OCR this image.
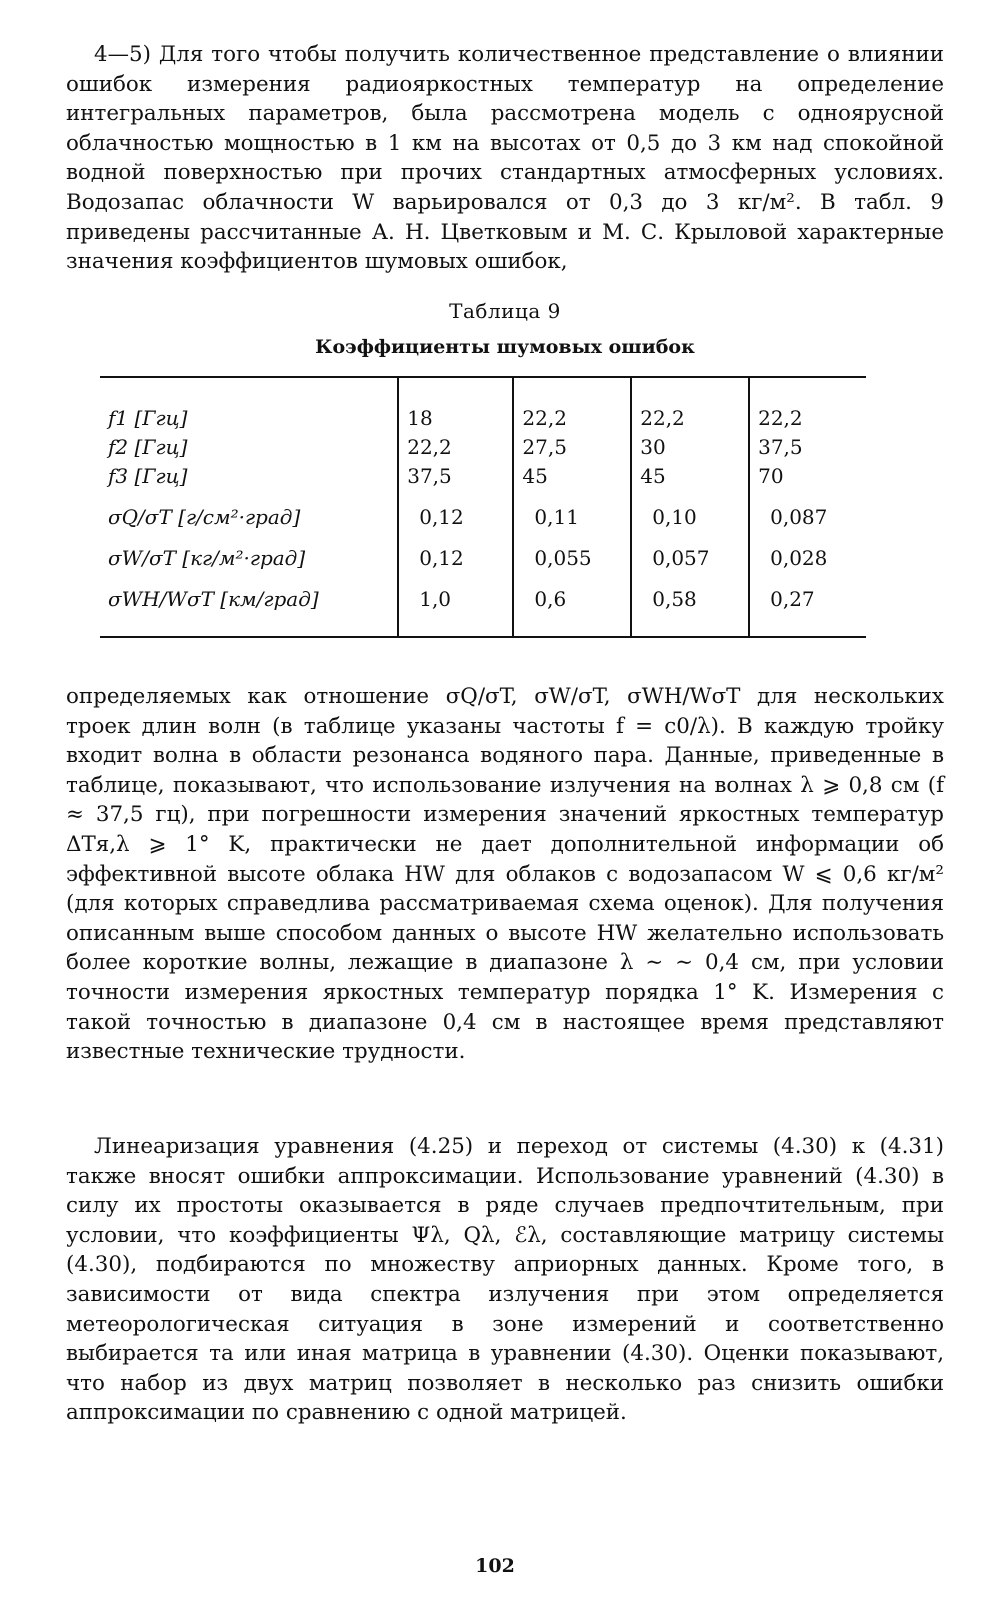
4—5) Для того чтобы получить количественное представление о влиянии ошибок измерения радиояркостных температур на определение интегральных параметров, была рассмотрена модель с одноярусной облачностью мощностью в 1 км на высотах от 0,5 до 3 км над спокойной водной поверхностью при прочих стандартных атмосферных условиях. Водозапас облачности W варьировался от 0,3 до 3 кг/м². В табл. 9 приведены рассчитанные А. Н. Цветковым и М. С. Крыловой характерные значения коэффициентов шумовых ошибок,

Таблица 9
Коэффициенты шумовых ошибок
f1 [Ггц]	18	22,2	22,2	22,2
f2 [Ггц]	22,2	27,5	30	37,5
f3 [Ггц]	37,5	45	45	70
σQ/σT [г/см²·град]	0,12	0,11	0,10	0,087
σW/σT [кг/м²·град]	0,12	0,055	0,057	0,028
σWH/WσT [км/град]	1,0	0,6	0,58	0,27

определяемых как отношение σQ/σT, σW/σT, σWH/WσT для нескольких троек длин волн (в таблице указаны частоты f = c0/λ). В каждую тройку входит волна в области резонанса водяного пара. Данные, приведенные в таблице, показывают, что использование излучения на волнах λ ⩾ 0,8 см (f ≈ 37,5 гц), при погрешности измерения значений яркостных температур ΔTя,λ ⩾ 1° K, практически не дает дополнительной информации об эффективной высоте облака HW для облаков с водозапасом W ⩽ 0,6 кг/м² (для которых справедлива рассматриваемая схема оценок). Для получения описанным выше способом данных о высоте HW желательно использовать более короткие волны, лежащие в диапазоне λ ∼ ∼ 0,4 см, при условии точности измерения яркостных температур порядка 1° K. Измерения с такой точностью в диапазоне 0,4 см в настоящее время представляют известные технические трудности.

Линеаризация уравнения (4.25) и переход от системы (4.30) к (4.31) также вносят ошибки аппроксимации. Использование уравнений (4.30) в силу их простоты оказывается в ряде случаев предпочтительным, при условии, что коэффициенты Ψλ, Qλ, ℰλ, составляющие матрицу системы (4.30), подбираются по множеству априорных данных. Кроме того, в зависимости от вида спектра излучения при этом определяется метеорологическая ситуация в зоне измерений и соответственно выбирается та или иная матрица в уравнении (4.30). Оценки показывают, что набор из двух матриц позволяет в несколько раз снизить ошибки аппроксимации по сравнению с одной матрицей.

102
